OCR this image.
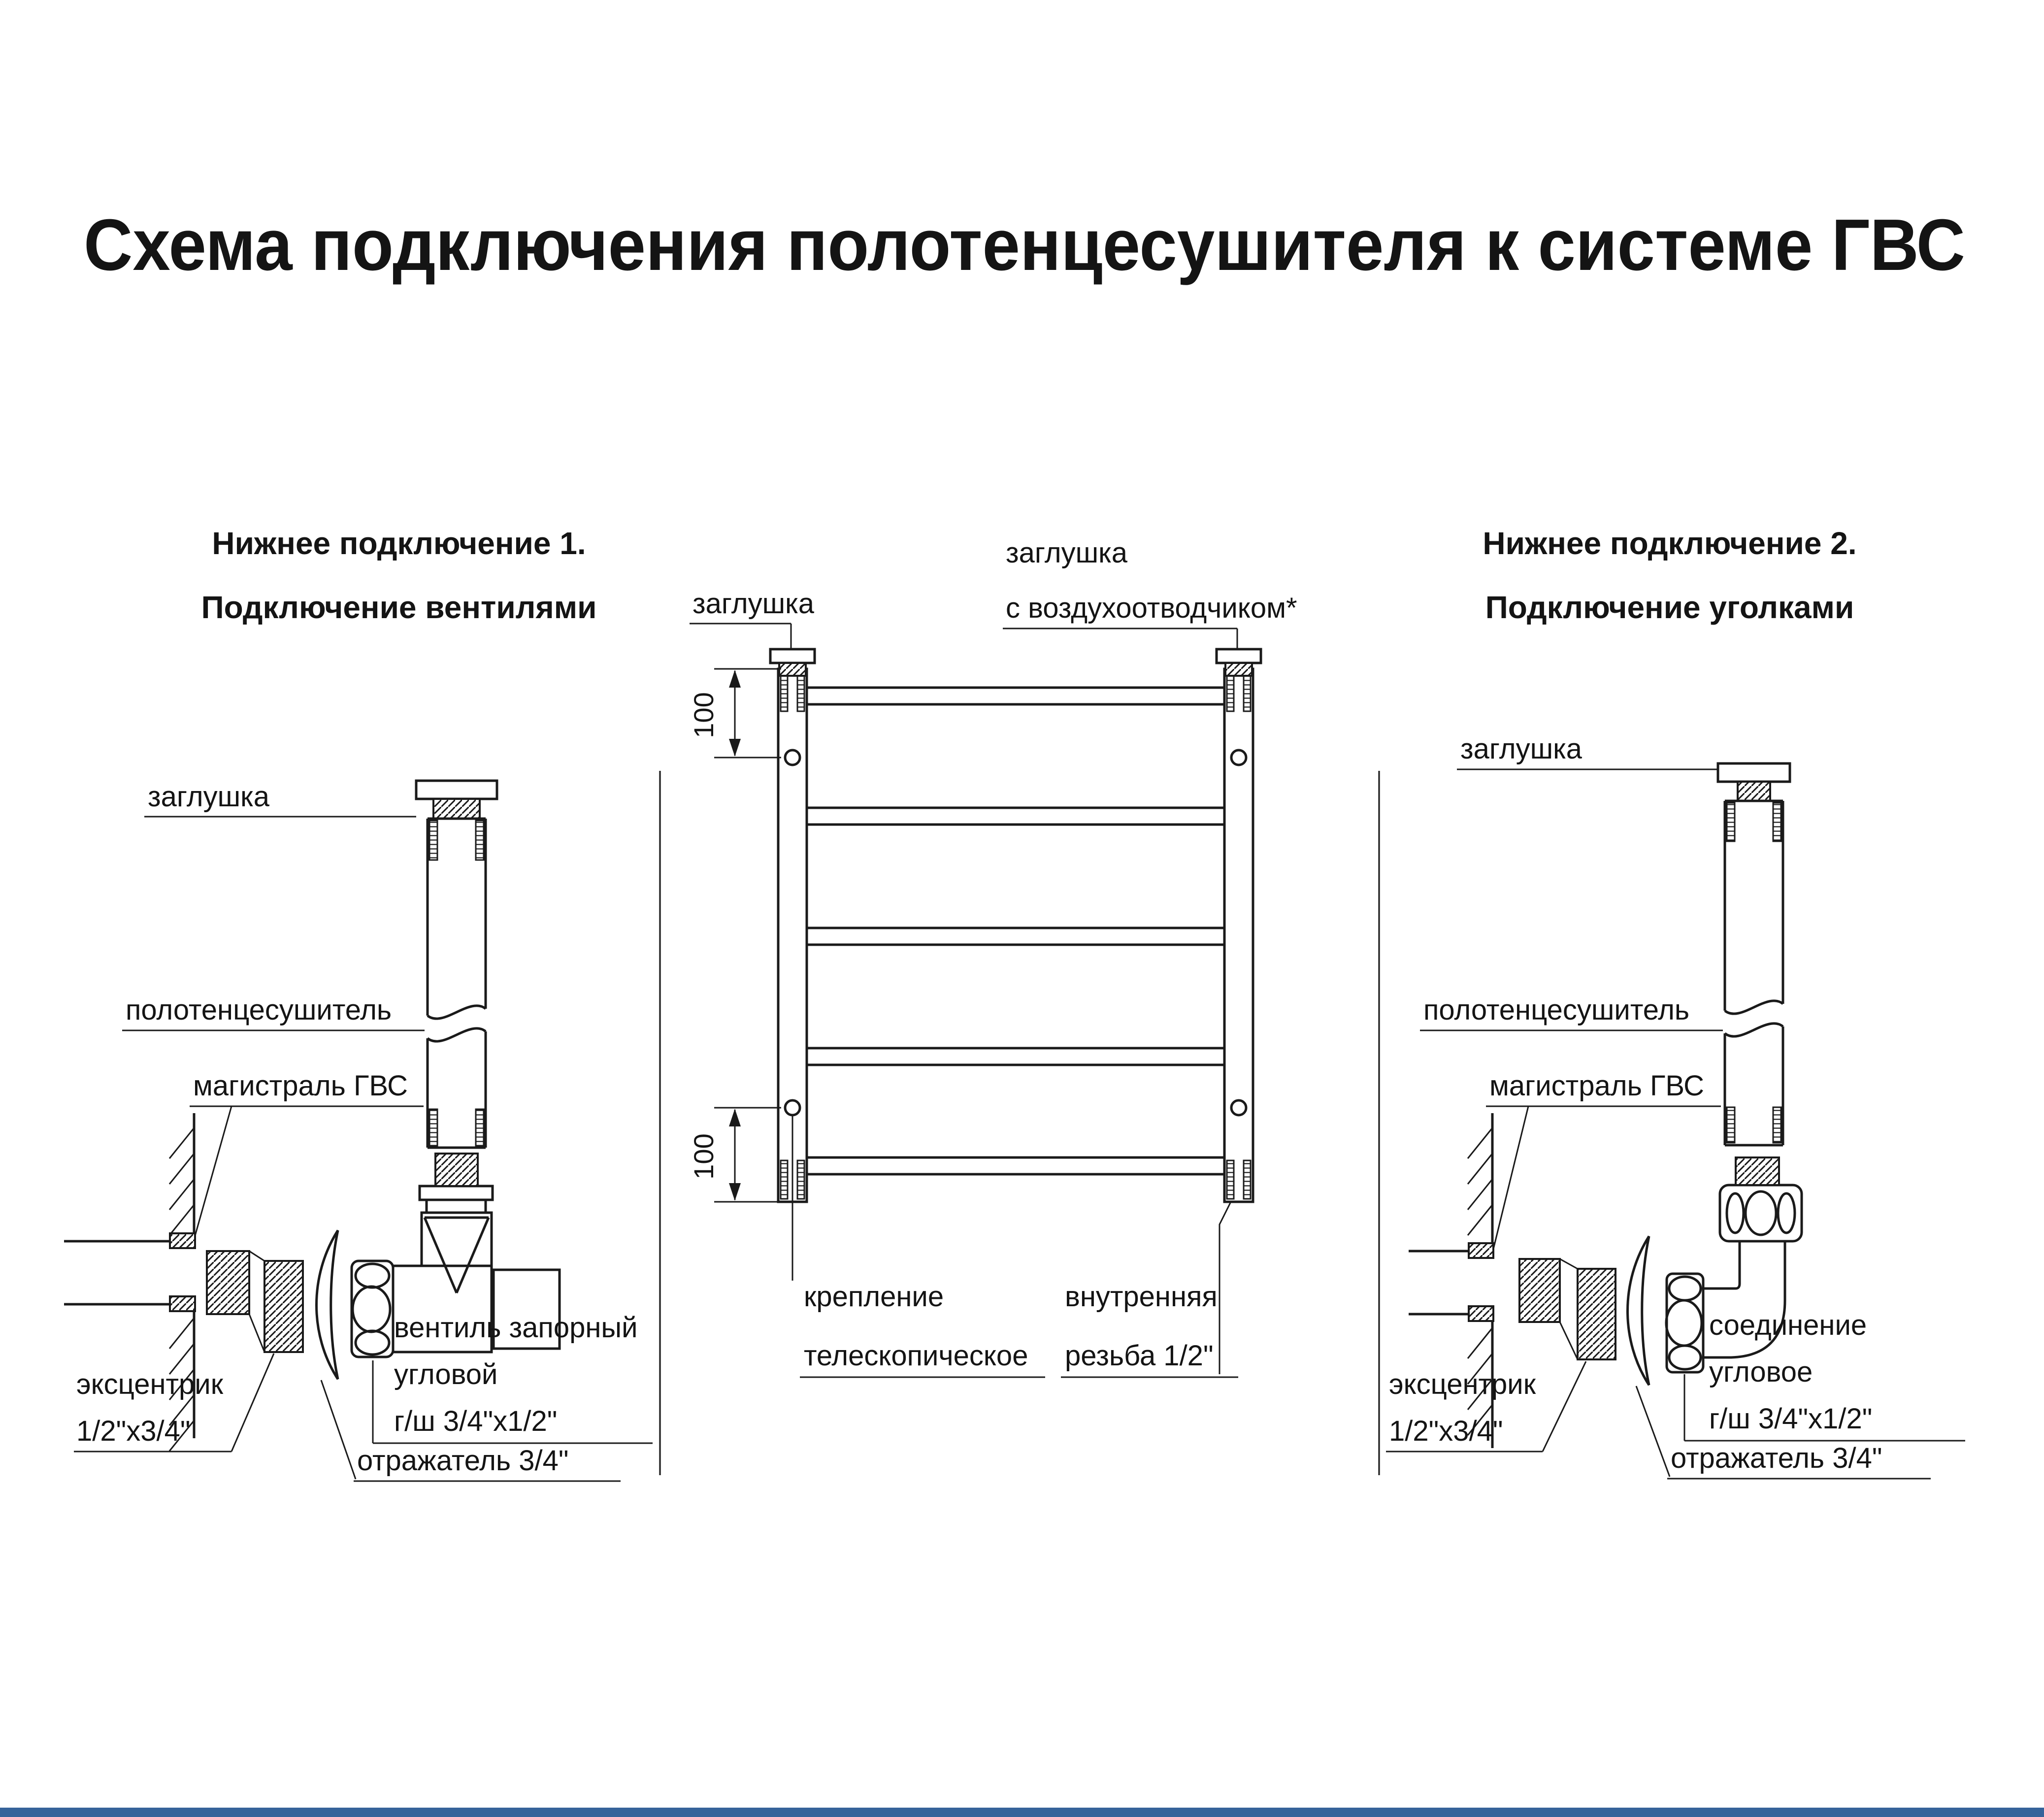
Схема подключения полотенцесушителя к системе ГВС
Нижнее подключение 1.
Подключение вентилями
заглушка
полотенцесушитель
магистраль ГВС
вентиль запорный
угловой
г/ш 3/4"x1/2"
эксцентрик
1/2"x3/4"
отражатель 3/4"
заглушка
заглушка
с воздухоотводчиком*
100
100
крепление
телескопическое
внутренняя
резьба 1/2"
Нижнее подключение 2.
Подключение уголками
заглушка
полотенцесушитель
магистраль ГВС
соединение
угловое
г/ш 3/4"x1/2"
эксцентрик
1/2"x3/4"
отражатель 3/4"
